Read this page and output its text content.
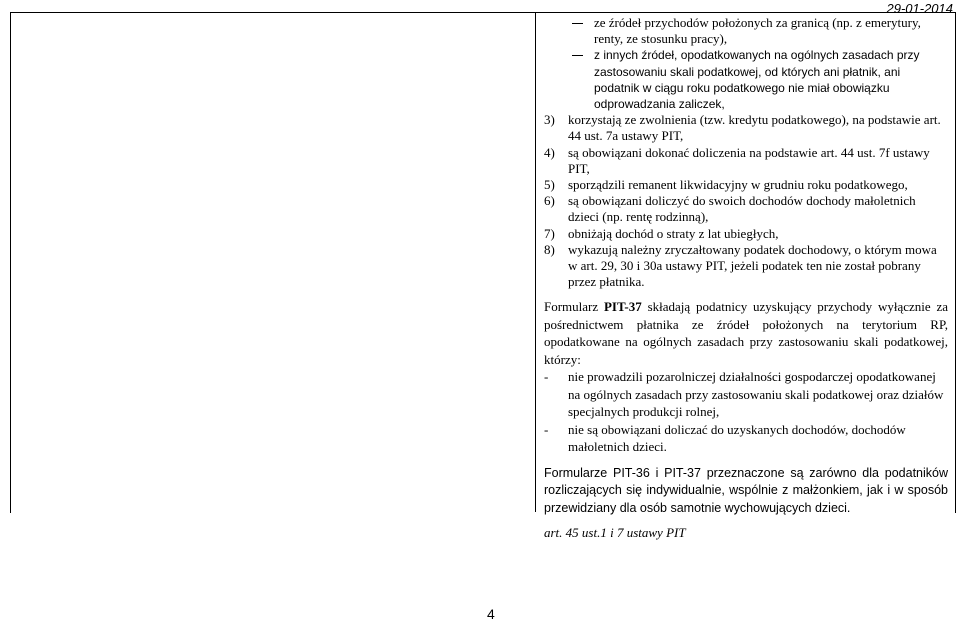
29-01-2014
ze źródeł przychodów położonych za granicą (np. z emerytury, renty, ze stosunku pracy),
z innych źródeł, opodatkowanych na ogólnych zasadach przy zastosowaniu skali podatkowej, od których ani płatnik, ani podatnik w ciągu roku podatkowego nie miał obowiązku odprowadzania zaliczek,
3)	korzystają ze zwolnienia (tzw. kredytu podatkowego), na podstawie art. 44 ust. 7a ustawy PIT,
4)	są obowiązani dokonać doliczenia na podstawie art. 44 ust. 7f ustawy PIT,
5)	sporządzili remanent likwidacyjny w grudniu roku podatkowego,
6)	są obowiązani doliczyć do swoich dochodów dochody małoletnich dzieci (np. rentę rodzinną),
7)	obniżają dochód o straty z lat ubiegłych,
8)	wykazują należny zryczałtowany podatek dochodowy, o którym mowa w art. 29, 30 i 30a ustawy PIT, jeżeli podatek ten nie został pobrany przez płatnika.
Formularz PIT-37 składają podatnicy uzyskujący przychody wyłącznie za pośrednictwem płatnika ze źródeł położonych na terytorium RP, opodatkowane na ogólnych zasadach przy zastosowaniu skali podatkowej, którzy:
-	nie prowadzili pozarolniczej działalności gospodarczej opodatkowanej na ogólnych zasadach przy zastosowaniu skali podatkowej oraz działów specjalnych produkcji rolnej,
-	nie są obowiązani doliczać do uzyskanych dochodów, dochodów małoletnich dzieci.
Formularze PIT-36 i PIT-37 przeznaczone są zarówno dla podatników rozliczających się indywidualnie, wspólnie z małżonkiem, jak i w sposób przewidziany dla osób samotnie wychowujących dzieci.
art. 45 ust.1 i 7 ustawy PIT
4
